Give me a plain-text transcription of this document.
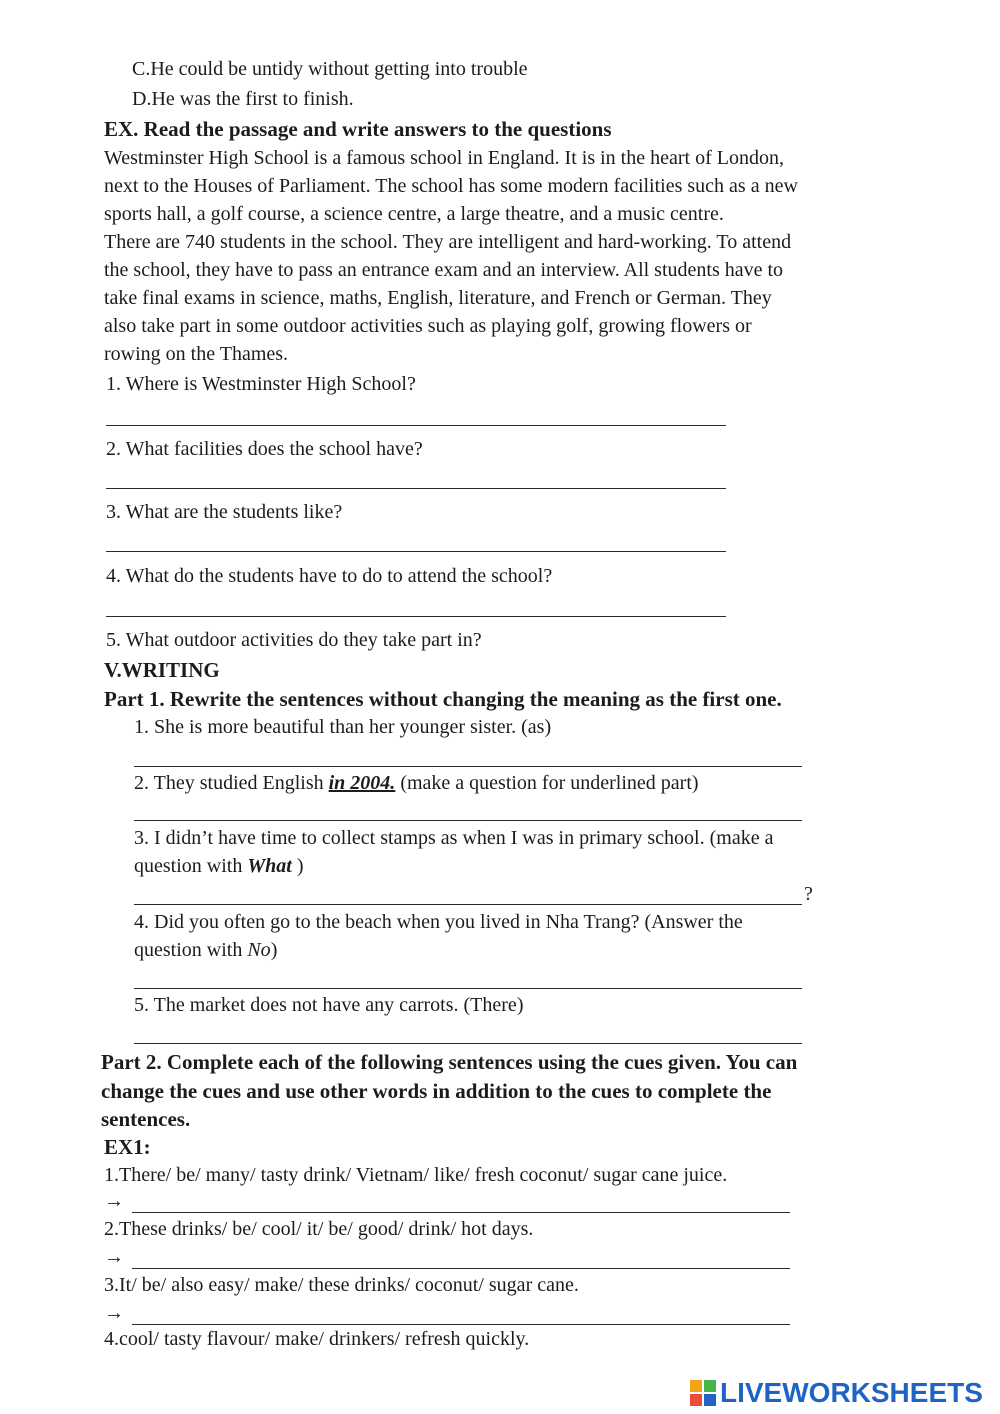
C.He could be untidy without getting into trouble
D.He was the first to finish.
EX. Read the passage and write answers to the questions
Westminster High School is a famous school in England. It is in the heart of London,
next to the Houses of Parliament. The school has some modern facilities such as a new
sports hall, a golf course, a science centre, a large theatre, and a music centre.
There are 740 students in the school. They are intelligent and hard-working. To attend
the school, they have to pass an entrance exam and an interview. All students have to
take final exams in science, maths, English, literature, and French or German. They
also take part in some outdoor activities such as playing golf, growing flowers or
rowing on the Thames.
1. Where is Westminster High School?
2. What facilities does the school have?
3. What are the students like?
4. What do the students have to do to attend the school?
5. What outdoor activities do they take part in?
V.WRITING
Part 1. Rewrite the sentences without changing the meaning as the first one.
1. She is more beautiful than her younger sister. (as)
2. They studied English in 2004. (make a question for underlined part)
3. I didn’t have time to collect stamps as when I was in primary school. (make a
question with What )
?
4. Did you often go to the beach when you lived in Nha Trang? (Answer the
question with No)
5. The market does not have any carrots. (There)
Part 2. Complete each of the following sentences using the cues given. You can
change the cues and use other words in addition to the cues to complete the
sentences.
EX1:
1.There/ be/ many/ tasty drink/ Vietnam/ like/ fresh coconut/ sugar cane juice.
→
2.These drinks/ be/ cool/ it/ be/ good/ drink/ hot days.
→
3.It/ be/ also easy/ make/ these drinks/ coconut/ sugar cane.
→
4.cool/ tasty flavour/ make/ drinkers/ refresh quickly.
LIVEWORKSHEETS
